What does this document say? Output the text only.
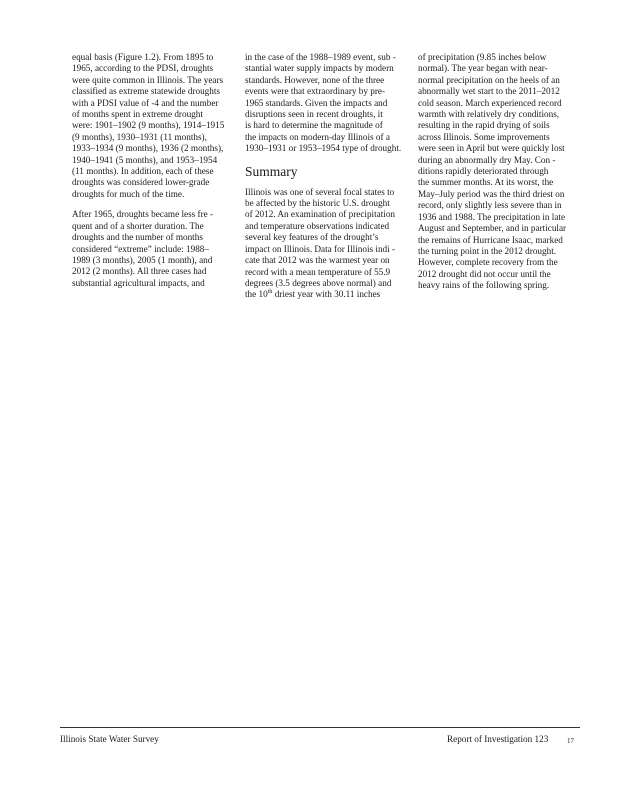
equal basis (Figure 1.2). From 1895 to
1965, according to the PDSI, droughts
were quite common in Illinois. The years
classified as extreme statewide droughts
with a PDSI value of -4 and the number
of months spent in extreme drought
were: 1901–1902 (9 months), 1914–1915
(9 months), 1930–1931 (11 months),
1933–1934 (9 months), 1936 (2 months),
1940–1941 (5 months), and 1953–1954
(11 months). In addition, each of these
droughts was considered lower-grade
droughts for much of the time.
After 1965, droughts became less fre -
quent and of a shorter duration. The
droughts and the number of months
considered “extreme” include: 1988–
1989 (3 months), 2005 (1 month), and
2012 (2 months). All three cases had
substantial agricultural impacts, and
in the case of the 1988–1989 event, sub -
stantial water supply impacts by modern
standards. However, none of the three
events were that extraordinary by pre-
1965 standards. Given the impacts and
disruptions seen in recent droughts, it
is hard to determine the magnitude of
the impacts on modern-day Illinois of a
1930–1931 or 1953–1954 type of drought.
Summary
Illinois was one of several focal states to
be affected by the historic U.S. drought
of 2012. An examination of precipitation
and temperature observations indicated
several key features of the drought’s
impact on Illinois. Data for Illinois indi -
cate that 2012 was the warmest year on
record with a mean temperature of 55.9
degrees (3.5 degrees above normal) and
the 10th driest year with 30.11 inches
of precipitation (9.85 inches below
normal). The year began with near-
normal precipitation on the heels of an
abnormally wet start to the 2011–2012
cold season. March experienced record
warmth with relatively dry conditions,
resulting in the rapid drying of soils
across Illinois. Some improvements
were seen in April but were quickly lost
during an abnormally dry May. Con -
ditions rapidly deteriorated through
the summer months. At its worst, the
May–July period was the third driest on
record, only slightly less severe than in
1936 and 1988. The precipitation in late
August and September, and in particular
the remains of Hurricane Isaac, marked
the turning point in the 2012 drought.
However, complete recovery from the
2012 drought did not occur until the
heavy rains of the following spring.
Illinois State Water Survey	Report of Investigation 123	17
